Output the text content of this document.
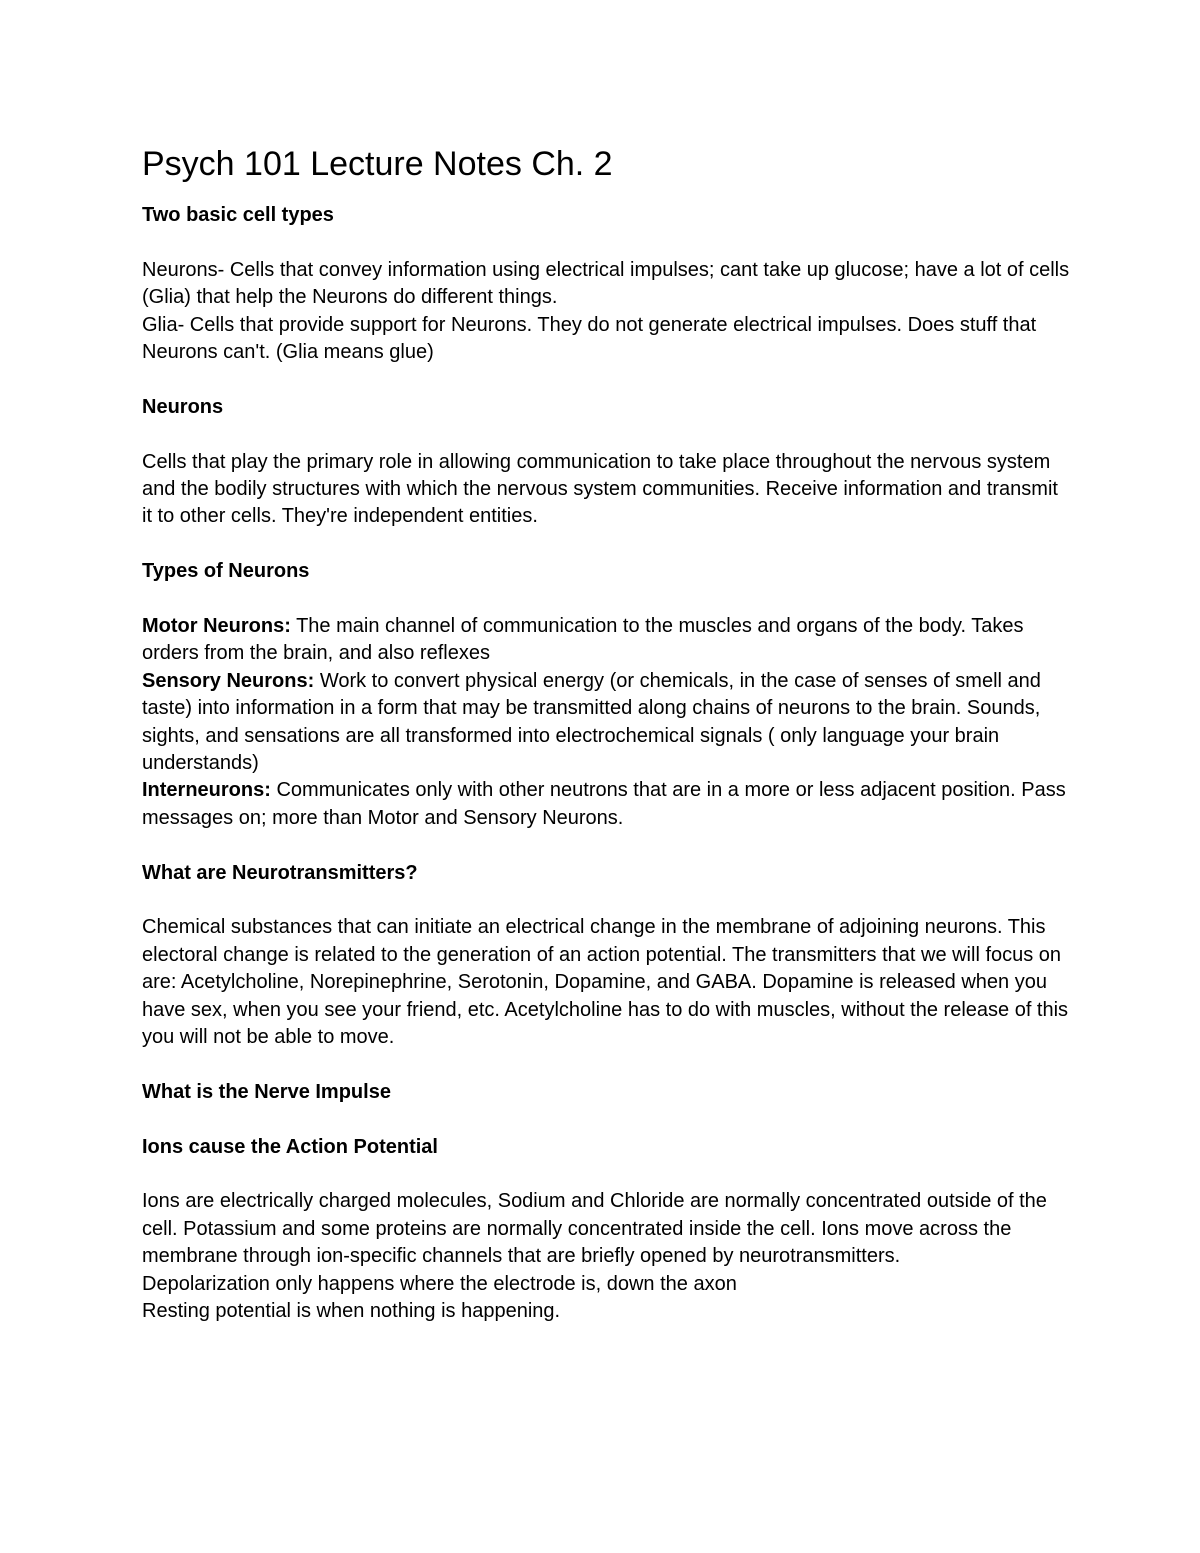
Psych 101 Lecture Notes Ch. 2
Two basic cell types

Neurons- Cells that convey information using electrical impulses; cant take up glucose; have a lot of cells (Glia) that help the Neurons do different things.

Glia- Cells that provide support for Neurons. They do not generate electrical impulses. Does stuff that Neurons can't. (Glia means glue)

Neurons

Cells that play the primary role in allowing communication to take place throughout the nervous system and the bodily structures with which the nervous system communities. Receive information and transmit it to other cells. They're independent entities.

Types of Neurons

Motor Neurons: The main channel of communication to the muscles and organs of the body. Takes orders from the brain, and also reflexes

Sensory Neurons: Work to convert physical energy (or chemicals, in the case of senses of smell and taste) into information in a form that may be transmitted along chains of neurons to the brain. Sounds, sights, and sensations are all transformed into electrochemical signals ( only language your brain understands)

Interneurons: Communicates only with other neutrons that are in a more or less adjacent position. Pass messages on; more than Motor and Sensory Neurons.

What are Neurotransmitters?

Chemical substances that can initiate an electrical change in the membrane of adjoining neurons. This electoral change is related to the generation of an action potential. The transmitters that we will focus on are: Acetylcholine, Norepinephrine, Serotonin, Dopamine, and GABA. Dopamine is released when you have sex, when you see your friend, etc. Acetylcholine has to do with muscles, without the release of this you will not be able to move.

What is the Nerve Impulse
Ions cause the Action Potential

Ions are electrically charged molecules, Sodium and Chloride are normally concentrated outside of the cell. Potassium and some proteins are normally concentrated inside the cell. Ions move across the membrane through ion-specific channels that are briefly opened by neurotransmitters.

Depolarization only happens where the electrode is, down the axon

Resting potential is when nothing is happening.
